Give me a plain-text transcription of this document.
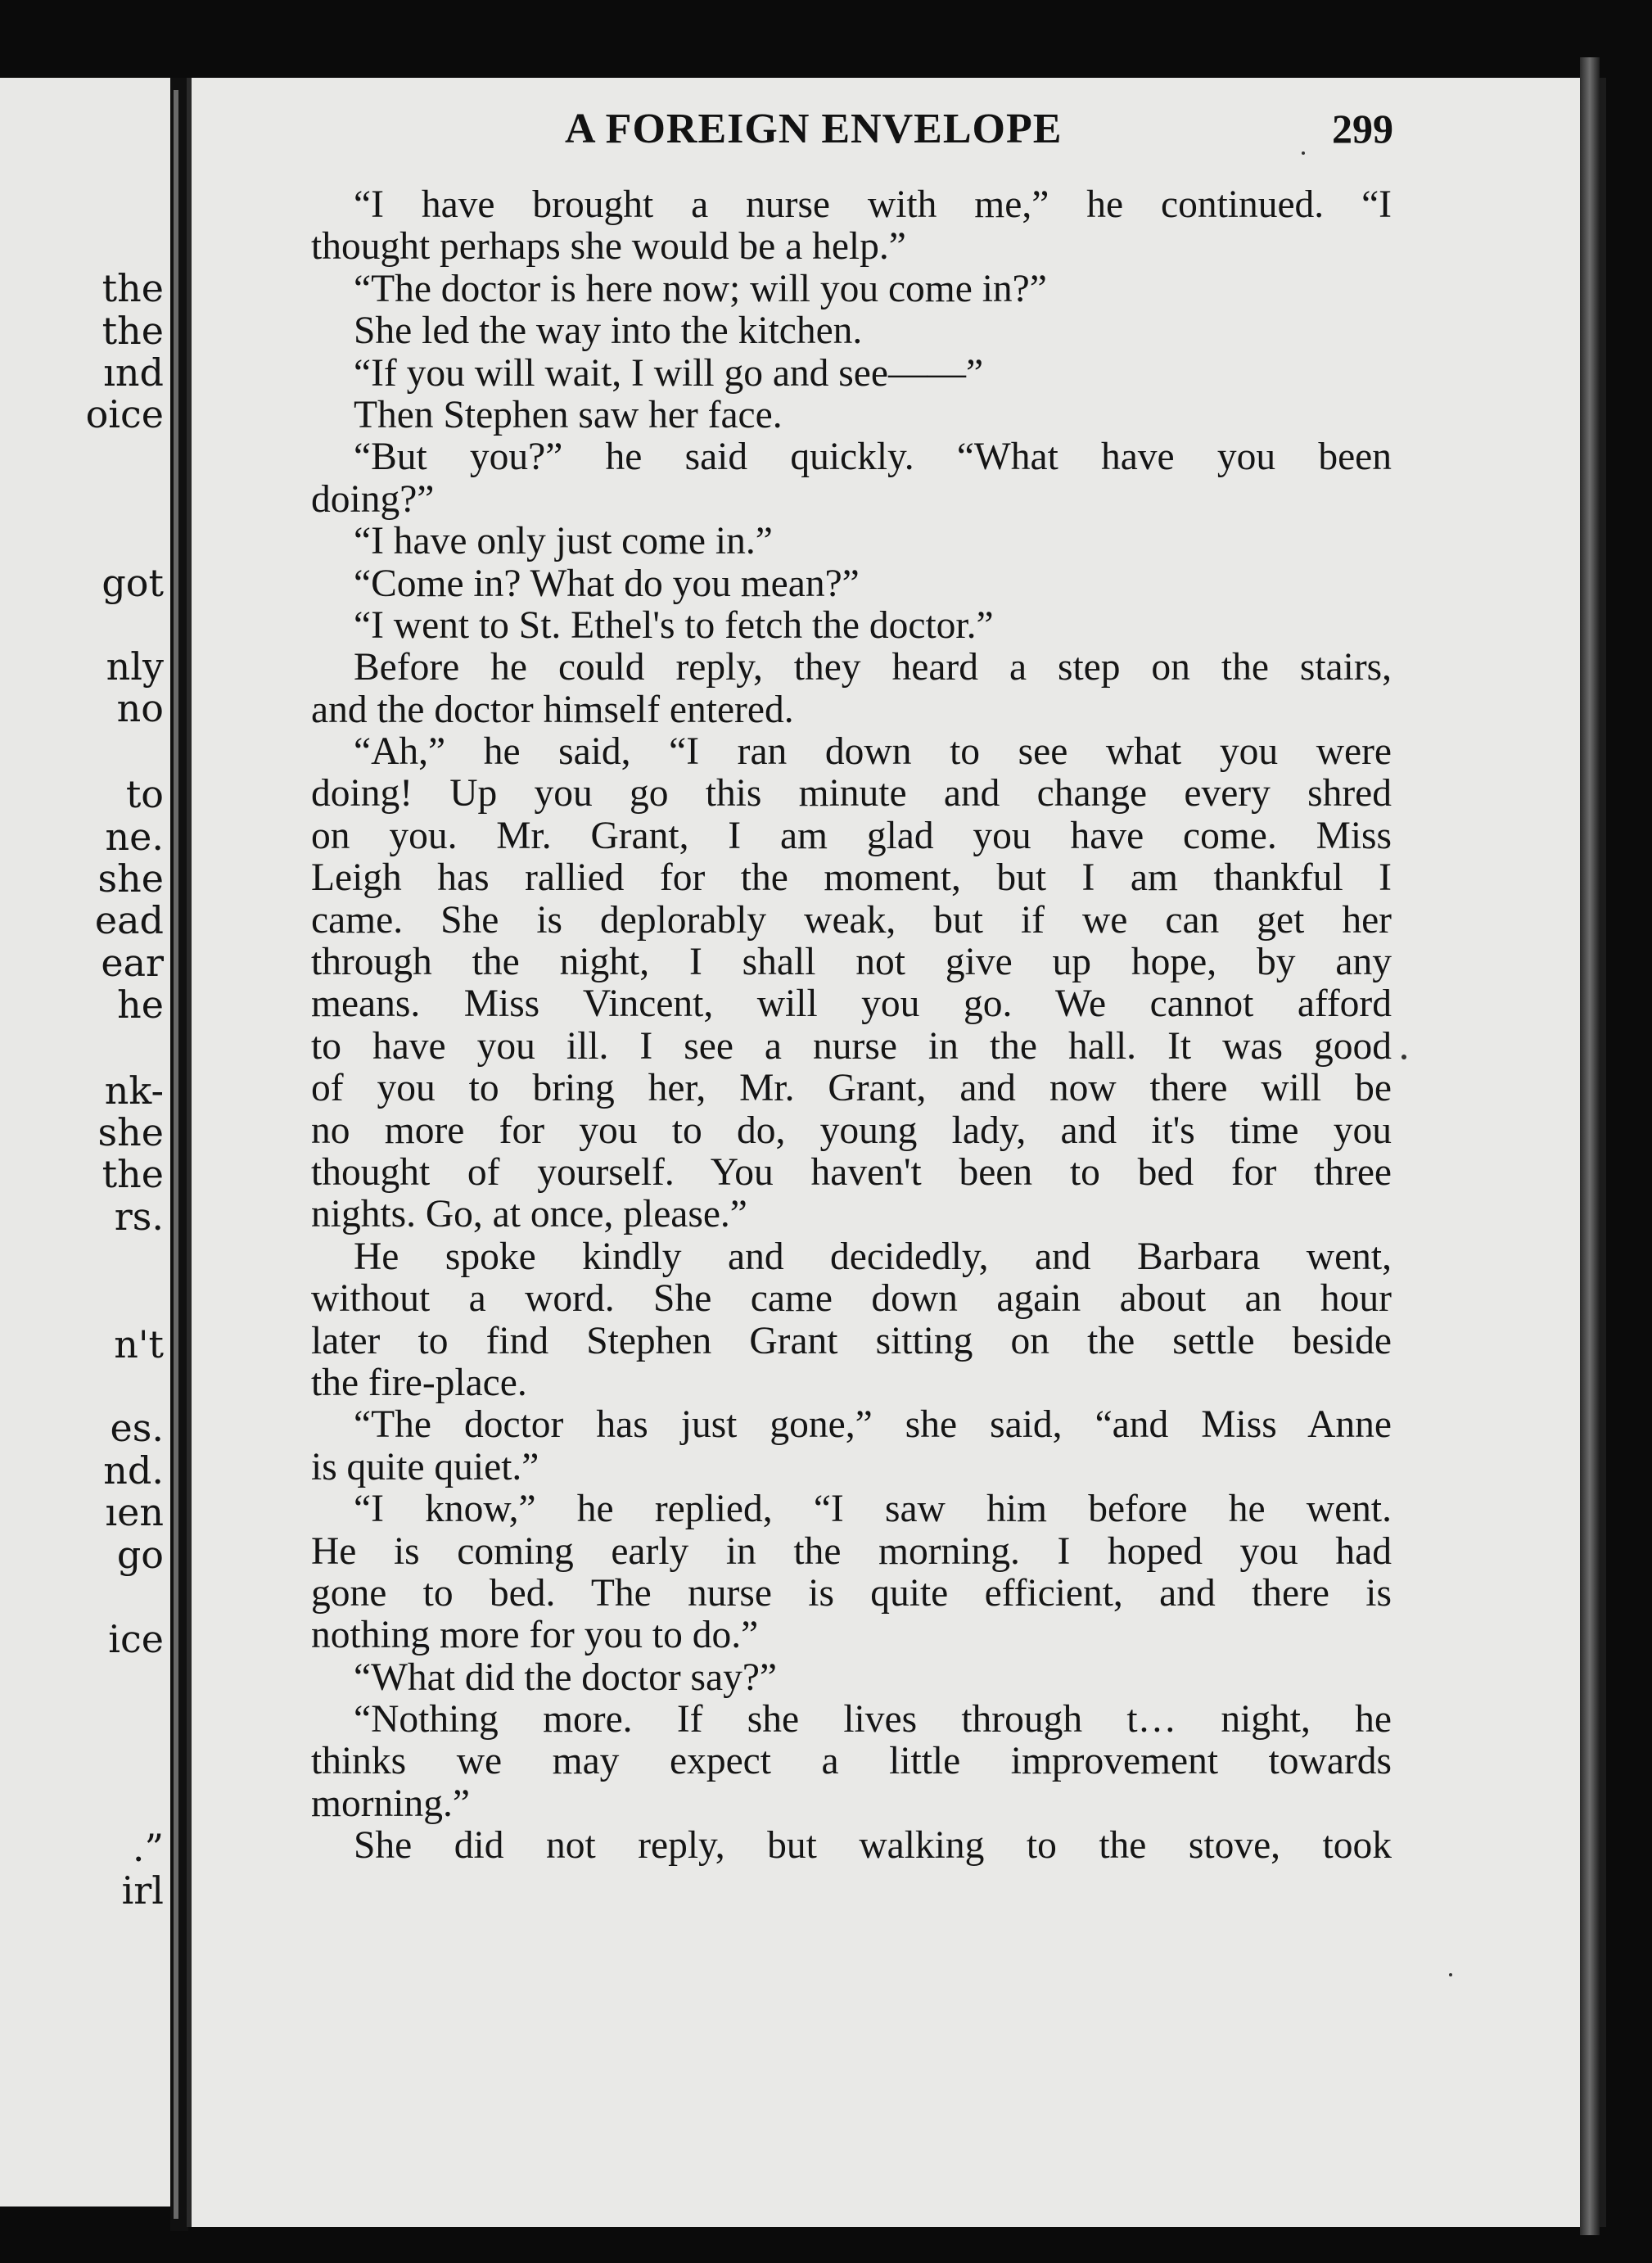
the
the
ınd
oice
got
nly
no
to
ne.
she
ead
ear
he
nk-
she
the
rs.
n't
es.
nd.
ıen
go
ice
.”
irl
A FOREIGN ENVELOPE	299
“I have brought a nurse with me,” he continued. “I
thought perhaps she would be a help.”
“The doctor is here now; will you come in?”
She led the way into the kitchen.
“If you will wait, I will go and see——”
Then Stephen saw her face.
“But you?” he said quickly. “What have you been
doing?”
“I have only just come in.”
“Come in? What do you mean?”
“I went to St. Ethel's to fetch the doctor.”
Before he could reply, they heard a step on the stairs,
and the doctor himself entered.
“Ah,” he said, “I ran down to see what you were
doing! Up you go this minute and change every shred
on you. Mr. Grant, I am glad you have come. Miss
Leigh has rallied for the moment, but I am thankful I
came. She is deplorably weak, but if we can get her
through the night, I shall not give up hope, by any
means. Miss Vincent, will you go. We cannot afford
to have you ill. I see a nurse in the hall. It was good
of you to bring her, Mr. Grant, and now there will be
no more for you to do, young lady, and it's time you
thought of yourself. You haven't been to bed for three
nights. Go, at once, please.”
He spoke kindly and decidedly, and Barbara went,
without a word. She came down again about an hour
later to find Stephen Grant sitting on the settle beside
the fire-place.
“The doctor has just gone,” she said, “and Miss Anne
is quite quiet.”
“I know,” he replied, “I saw him before he went.
He is coming early in the morning. I hoped you had
gone to bed. The nurse is quite efficient, and there is
nothing more for you to do.”
“What did the doctor say?”
“Nothing more. If she lives through t… night, he
thinks we may expect a little improvement towards
morning.”
She did not reply, but walking to the stove, took
